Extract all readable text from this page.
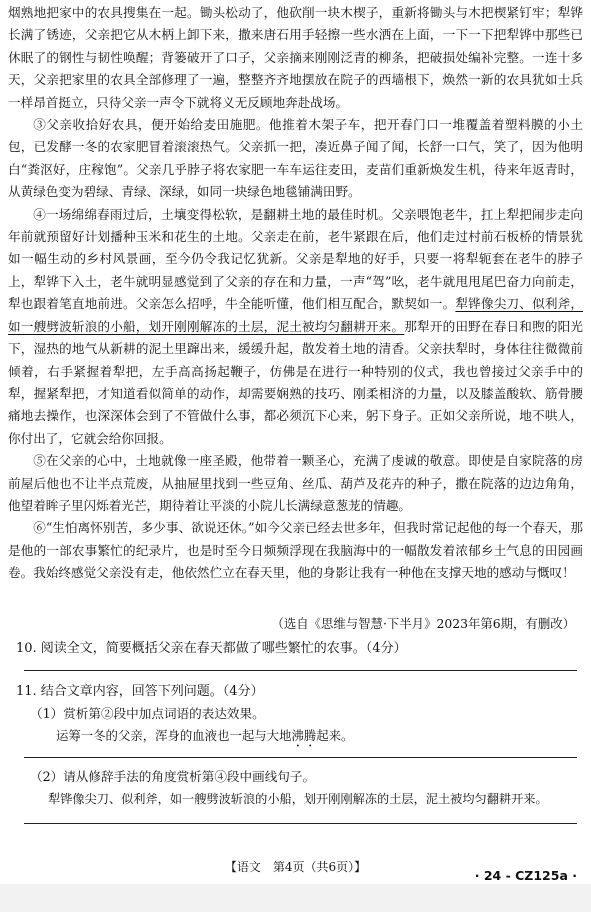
烟熟地把家中的农具搜集在一起。锄头松动了，他砍削一块木楔子，重新将锄头与木把楔紧钉牢；犁铧长满了锈迹，父亲把它从木柄上卸下来，撒来唐石用手轻擦一些水洒在上面，一下一下把犁铧中那些已休眠了的钢性与韧性唤醒；背篓破开了口子，父亲摘来刚刚泛青的柳条，把破损处编补完整。一连十多天，父亲把家里的农具全部修理了一遍，整整齐齐地摆放在院子的西墙根下，焕然一新的农具犹如士兵一样昂首挺立，只待父亲一声令下就将义无反顾地奔赴战场。

③父亲收拾好农具，便开始给麦田施肥。他推着木架子车，把开春门口一堆覆盖着塑料膜的小土包，已发酵一冬的农家肥冒着滚滚热气。父亲抓一把，凑近鼻子闻了闻，长舒一口气，笑了，因为他明白“粪沤好，庄稼饱”。父亲几乎脖子将农家肥一车车运往麦田，麦苗们重新焕发生机，待来年返青时，从黄绿色变为碧绿、青绿、深绿，如同一块绿色地毯铺满田野。

④一场绵绵春雨过后，土壤变得松软，是翻耕土地的最佳时机。父亲喂饱老牛，扛上犁把闹步走向年前就预留好计划播种玉米和花生的土地。父亲走在前，老牛紧跟在后，他们走过村前石板桥的情景犹如一幅生动的乡村风景画，至今仍令我记忆犹新。父亲是犁地的好手，只要一将犁轭套在老牛的脖子上，犁铧下入土，老牛就明显感觉到了父亲的存在和力量，一声“驾”吆，老牛就甩甩尾巴奋力向前走，犁也跟着笔直地前进。父亲怎么招呼，牛全能听懂，他们相互配合，默契如一。犁铧像尖刀、似利斧，如一艘劈波斩浪的小船，划开刚刚解冻的土层，泥土被均匀翻耕开来。那犁开的田野在春日和煦的阳光下，湿热的地气从新耕的泥土里蹿出来，缓缓升起，散发着土地的清香。父亲扶犁时，身体往往微微前倾着，右手紧握着犁把，左手高高扬起鞭子，仿佛是在进行一种特别的仪式，我也曾接过父亲手中的犁，握紧犁把，才知道看似简单的动作，却需要娴熟的技巧、刚柔相济的力量，以及膝盖酸软、筋骨腰痛地去操作，也深深体会到了不管做什么事，都必须沉下心来，躬下身子。正如父亲所说，地不哄人，你付出了，它就会给你回报。

⑤在父亲的心中，土地就像一座圣殿，他带着一颗圣心，充满了虔诚的敬意。即使是自家院落的房前屋后他也不让半点荒废，从抽屉里找到一些豆角、丝瓜、葫芦及花卉的种子，撒在院落的边边角角，他望着眸子里闪烁着光芒，期待着让平淡的小院儿长满绿意葱茏的情趣。

⑥“生怕离怀别苦，多少事、欲说还休。”如今父亲已经去世多年，但我时常记起他的每一个春天，那是他的一部农事繁忙的纪录片，也是时至今日频频浮现在我脑海中的一幅散发着浓郁乡土气息的田园画卷。我始终感觉父亲没有走，他依然伫立在春天里，他的身影让我有一种他在支撑天地的感动与慨叹！

（选自《思维与智慧·下半月》2023年第6期，有删改）
10. 阅读全文，简要概括父亲在春天都做了哪些繁忙的农事。（4分）
11. 结合文章内容，回答下列问题。（4分）
（1）赏析第②段中加点词语的表达效果。
运筹一冬的父亲，浑身的血液也一起与大地沸腾起来。
（2）请从修辞手法的角度赏析第④段中画线句子。
犁铧像尖刀、似利斧，如一艘劈波斩浪的小船，划开刚刚解冻的土层，泥土被均匀翻耕开来。
【语文　第4页（共6页）】
· 24 - CZ125a ·
